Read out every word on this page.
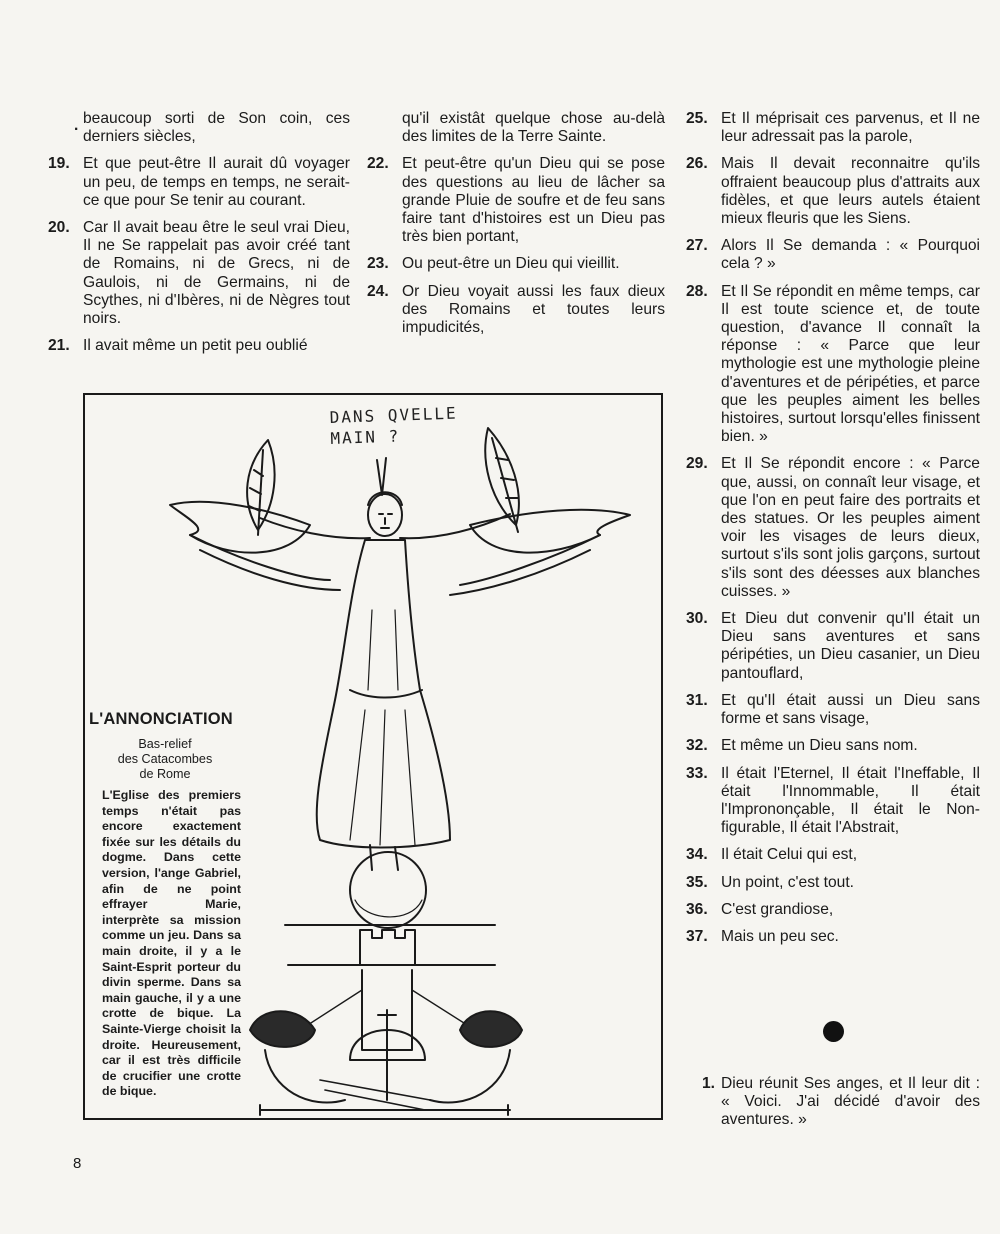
. beaucoup sorti de Son coin, ces derniers siècles,
19. Et que peut-être Il aurait dû voyager un peu, de temps en temps, ne serait-ce que pour Se tenir au courant.
20. Car Il avait beau être le seul vrai Dieu, Il ne Se rappelait pas avoir créé tant de Romains, ni de Grecs, ni de Gaulois, ni de Germains, ni de Scythes, ni d'Ibères, ni de Nègres tout noirs.
21. Il avait même un petit peu oublié
qu'il existât quelque chose au-delà des limites de la Terre Sainte.
22. Et peut-être qu'un Dieu qui se pose des questions au lieu de lâcher sa grande Pluie de soufre et de feu sans faire tant d'histoires est un Dieu pas très bien portant,
23. Ou peut-être un Dieu qui vieillit.
24. Or Dieu voyait aussi les faux dieux des Romains et toutes leurs impudicités,
25. Et Il méprisait ces parvenus, et Il ne leur adressait pas la parole,
26. Mais Il devait reconnaitre qu'ils offraient beaucoup plus d'attraits aux fidèles, et que leurs autels étaient mieux fleuris que les Siens.
27. Alors Il Se demanda : « Pourquoi cela ? »
28. Et Il Se répondit en même temps, car Il est toute science et, de toute question, d'avance Il connaît la réponse : « Parce que leur mythologie est une mythologie pleine d'aventures et de péripéties, et parce que les peuples aiment les belles histoires, surtout lorsqu'elles finissent bien. »
29. Et Il Se répondit encore : « Parce que, aussi, on connaît leur visage, et que l'on en peut faire des portraits et des statues. Or les peuples aiment voir les visages de leurs dieux, surtout s'ils sont jolis garçons, surtout s'ils sont des déesses aux blanches cuisses. »
30. Et Dieu dut convenir qu'Il était un Dieu sans aventures et sans péripéties, un Dieu casanier, un Dieu pantouflard,
31. Et qu'Il était aussi un Dieu sans forme et sans visage,
32. Et même un Dieu sans nom.
33. Il était l'Eternel, Il était l'Ineffable, Il était l'Innommable, Il était l'Imprononçable, Il était le Non-figurable, Il était l'Abstrait,
34. Il était Celui qui est,
35. Un point, c'est tout.
36. C'est grandiose,
37. Mais un peu sec.
1. Dieu réunit Ses anges, et Il leur dit : « Voici. J'ai décidé d'avoir des aventures. »
DANS QVELLE
MAIN ?
L'ANNONCIATION
Bas-relief
des Catacombes
de Rome
L'Eglise des premiers temps n'était pas encore exactement fixée sur les détails du dogme. Dans cette version, l'ange Gabriel, afin de ne point effrayer Marie, interprète sa mission comme un jeu. Dans sa main droite, il y a le Saint-Esprit porteur du divin sperme. Dans sa main gauche, il y a une crotte de bique. La Sainte-Vierge choisit la droite. Heureusement, car il est très difficile de crucifier une crotte de bique.
8
